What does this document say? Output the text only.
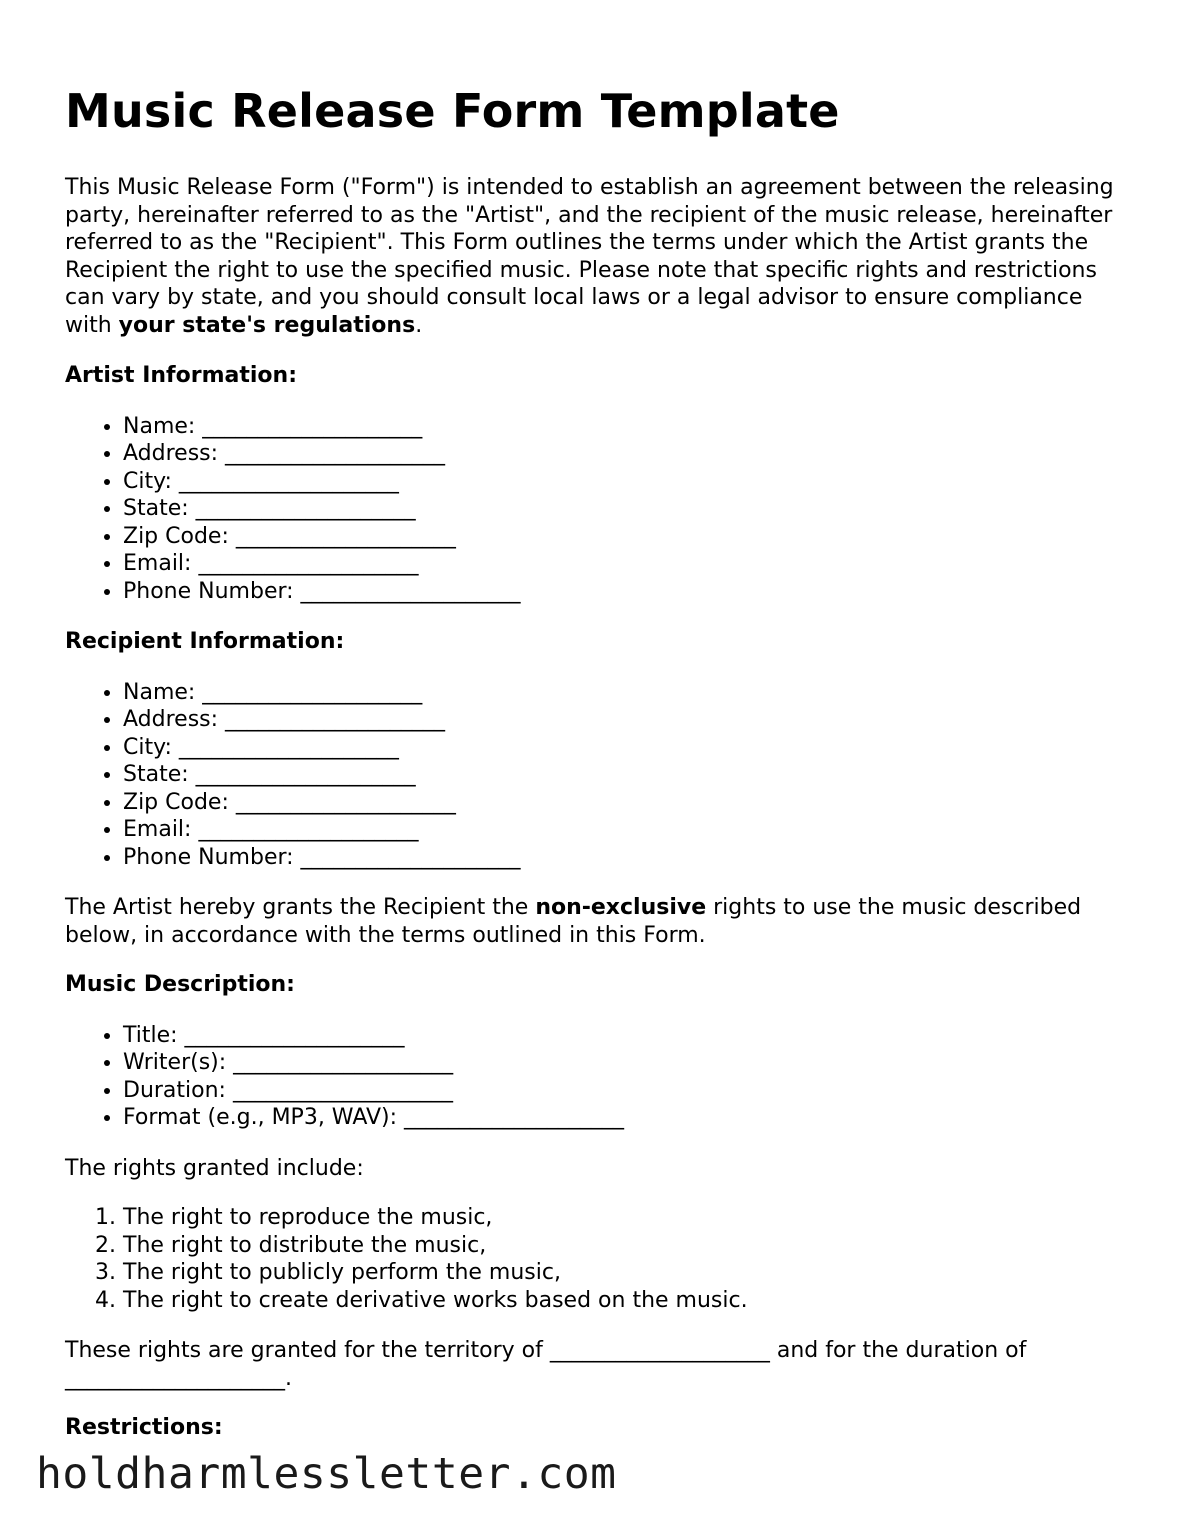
Music Release Form Template

This Music Release Form ("Form") is intended to establish an agreement between the releasing party, hereinafter referred to as the "Artist", and the recipient of the music release, hereinafter referred to as the "Recipient". This Form outlines the terms under which the Artist grants the Recipient the right to use the specified music. Please note that specific rights and restrictions can vary by state, and you should consult local laws or a legal advisor to ensure compliance with your state's regulations.

Artist Information:
• Name: ____________________
• Address: ____________________
• City: ____________________
• State: ____________________
• Zip Code: ____________________
• Email: ____________________
• Phone Number: ____________________
Recipient Information:
• Name: ____________________
• Address: ____________________
• City: ____________________
• State: ____________________
• Zip Code: ____________________
• Email: ____________________
• Phone Number: ____________________

The Artist hereby grants the Recipient the non-exclusive rights to use the music described below, in accordance with the terms outlined in this Form.

Music Description:
• Title: ____________________
• Writer(s): ____________________
• Duration: ____________________
• Format (e.g., MP3, WAV): ____________________

The rights granted include:

1. The right to reproduce the music,
2. The right to distribute the music,
3. The right to publicly perform the music,
4. The right to create derivative works based on the music.

These rights are granted for the territory of ____________________ and for the duration of ____________________.

Restrictions:
holdharmlessletter.com
